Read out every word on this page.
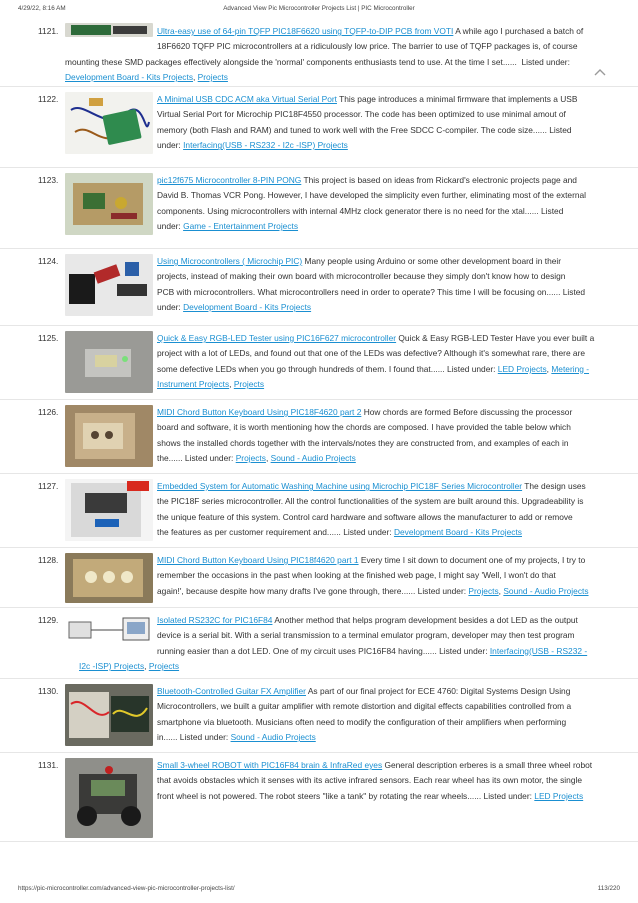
4/29/22, 8:16 AM	Advanced View Pic Microcontroller Projects List | PIC Microcontroller
1121.	Ultra-easy use of 64-pin TQFP PIC18F6620 using TQFP-to-DIP PCB from VOTI A while ago I purchased a batch of
18F6620 TQFP PIC microcontrollers at a ridiculously low price. The barrier to use of TQFP packages is, of course
mounting these SMD packages effectively alongside the 'normal' components enthusiasts tend to use. At the time I set......  Listed under:
Development Board - Kits Projects, Projects
1122.	A Minimal USB CDC ACM aka Virtual Serial Port This page introduces a minimal firmware that implements a USB
Virtual Serial Port for Microchip PIC18F4550 processor. The code has been optimized to use minimal amout of
memory (both Flash and RAM) and tuned to work well with the Free SDCC C-compiler. The code size...... Listed
under: Interfacing(USB - RS232 - I2c -ISP) Projects
1123.	pic12f675 Microcontroller 8-PIN PONG This project is based on ideas from Rickard's electronic projects page and
David B. Thomas VCR Pong. However, I have developed the simplicity even further, eliminating most of the external
components. Using microcontrollers with internal 4MHz clock generator there is no need for the xtal...... Listed
under: Game - Entertainment Projects
1124.	Using Microcontrollers ( Microchip PIC) Many people using Arduino or some other development board in their
projects, instead of making their own board with microcontroller because they simply don't know how to design
PCB with microcontrollers. What microcontrollers need in order to operate? This time I will be focusing on...... Listed
under: Development Board - Kits Projects
1125.	Quick & Easy RGB-LED Tester using PIC16F627 microcontroller Quick & Easy RGB-LED Tester Have you ever built a
project with a lot of LEDs, and found out that one of the LEDs was defective? Although it's somewhat rare, there are
some defective LEDs when you go through hundreds of them. I found that...... Listed under: LED Projects, Metering -
Instrument Projects, Projects
1126.	MIDI Chord Button Keyboard Using PIC18F4620 part 2 How chords are formed Before discussing the processor
board and software, it is worth mentioning how the chords are composed. I have provided the table below which
shows the installed chords together with the intervals/notes they are constructed from, and examples of each in
the...... Listed under: Projects, Sound - Audio Projects
1127.	Embedded System for Automatic Washing Machine using Microchip PIC18F Series Microcontroller The design uses
the PIC18F series microcontroller. All the control functionalities of the system are built around this. Upgradeability is
the unique feature of this system. Control card hardware and software allows the manufacturer to add or remove
the features as per customer requirement and...... Listed under: Development Board - Kits Projects
1128.	MIDI Chord Button Keyboard Using PIC18f4620 part 1 Every time I sit down to document one of my projects, I try to
remember the occasions in the past when looking at the finished web page, I might say 'Well, I won't do that
again!', because despite how many drafts I've gone through, there...... Listed under: Projects, Sound - Audio Projects
1129.	Isolated RS232C for PIC16F84 Another method that helps program development besides a dot LED as the output
device is a serial bit. With a serial transmission to a terminal emulator program, developer may then test program
running easier than a dot LED. One of my circuit uses PIC16F84 having...... Listed under: Interfacing(USB - RS232 -
I2c -ISP) Projects, Projects
1130.	Bluetooth-Controlled Guitar FX Amplifier As part of our final project for ECE 4760: Digital Systems Design Using
Microcontrollers, we built a guitar amplifier with remote distortion and digital effects capabilities controlled from a
smartphone via bluetooth. Musicians often need to modify the configuration of their amplifiers when performing
in...... Listed under: Sound - Audio Projects
1131.	Small 3-wheel ROBOT with PIC16F84 brain & InfraRed eyes General description erberes is a small three wheel robot
that avoids obstacles which it senses with its active infrared sensors. Each rear wheel has its own motor, the single
front wheel is not powered. The robot steers "like a tank" by rotating the rear wheels...... Listed under: LED Projects
https://pic-microcontroller.com/advanced-view-pic-microcontroller-projects-list/	113/220
